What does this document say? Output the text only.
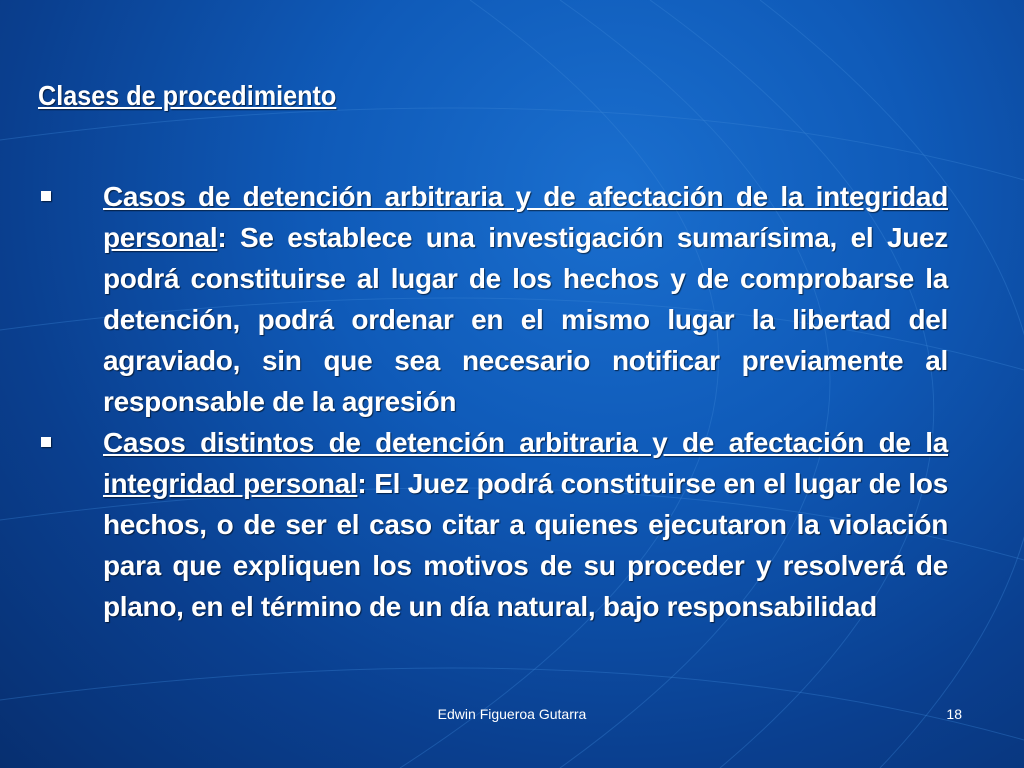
Clases de procedimiento
Casos de detención arbitraria y de afectación de la integridad personal: Se establece una investigación sumarísima, el Juez podrá constituirse al lugar de los hechos y de comprobarse la detención, podrá ordenar en el mismo lugar la libertad del agraviado, sin que sea necesario notificar previamente al responsable de la agresión
Casos distintos de detención arbitraria y de afectación de la integridad personal: El Juez podrá constituirse en el lugar de los hechos, o de ser el caso citar a quienes ejecutaron la violación para que expliquen los motivos de su proceder y resolverá de plano, en el término de un día natural, bajo responsabilidad
Edwin Figueroa Gutarra	18
